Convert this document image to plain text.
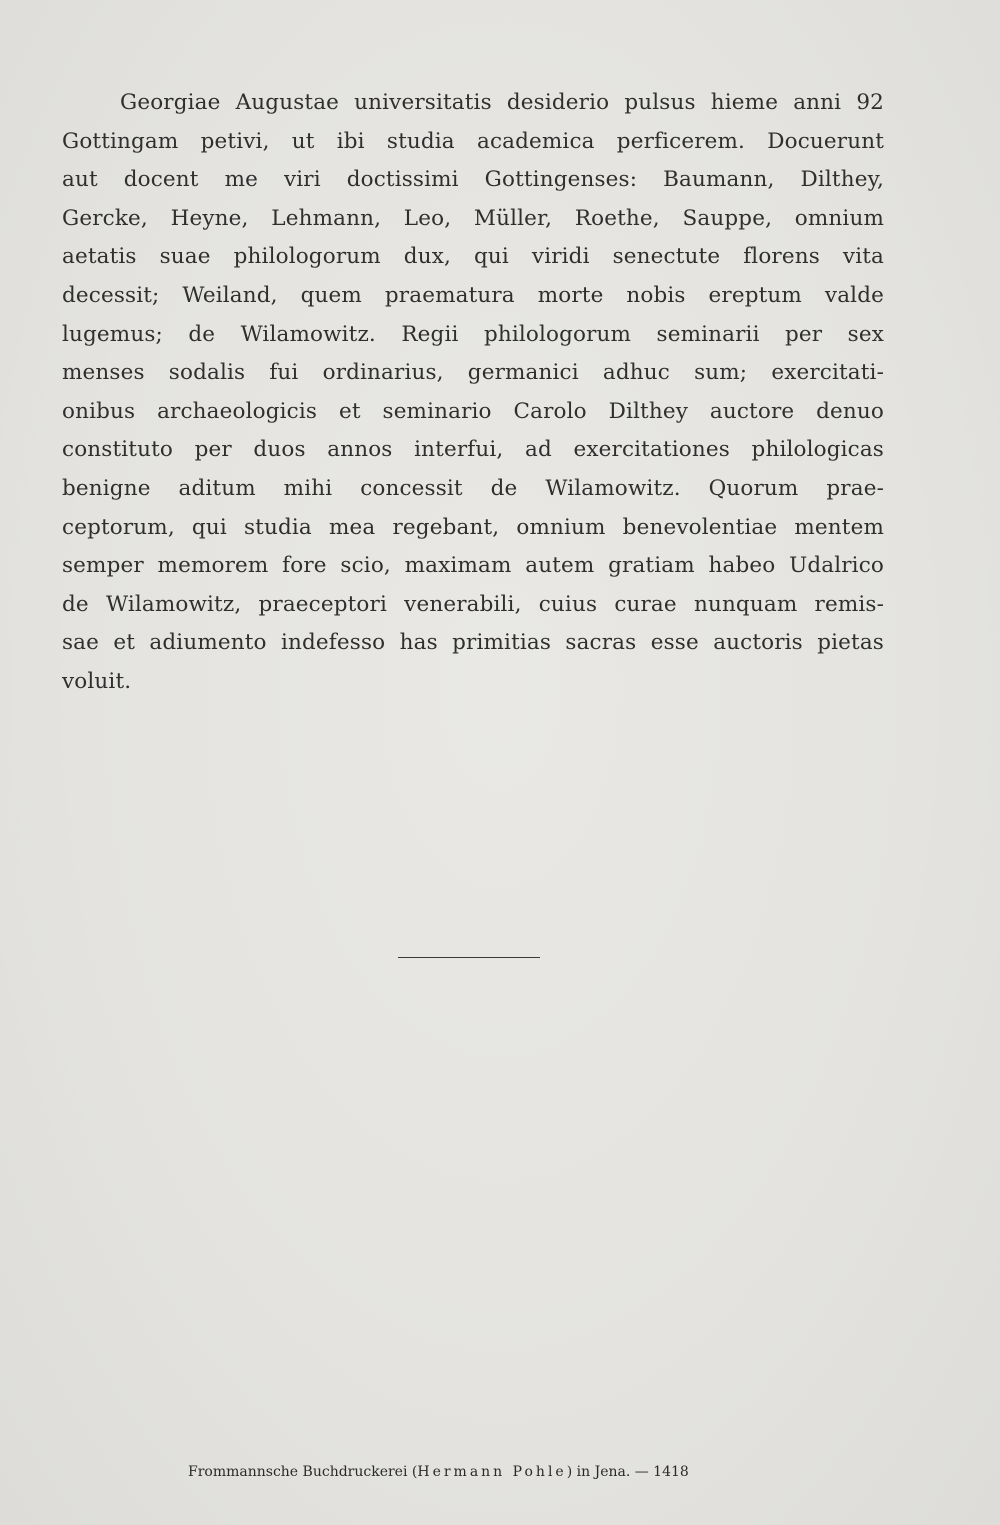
Georgiae Augustae universitatis desiderio pulsus hieme anni 92
Gottingam petivi, ut ibi studia academica perficerem. Docuerunt
aut docent me viri doctissimi Gottingenses: Baumann, Dilthey,
Gercke, Heyne, Lehmann, Leo, Müller, Roethe, Sauppe, omnium
aetatis suae philologorum dux, qui viridi senectute florens vita
decessit; Weiland, quem praematura morte nobis ereptum valde
lugemus; de Wilamowitz. Regii philologorum seminarii per sex
menses sodalis fui ordinarius, germanici adhuc sum; exercitati-
onibus archaeologicis et seminario Carolo Dilthey auctore denuo
constituto per duos annos interfui, ad exercitationes philologicas
benigne aditum mihi concessit de Wilamowitz. Quorum prae-
ceptorum, qui studia mea regebant, omnium benevolentiae mentem
semper memorem fore scio, maximam autem gratiam habeo Udalrico
de Wilamowitz, praeceptori venerabili, cuius curae nunquam remis-
sae et adiumento indefesso has primitias sacras esse auctoris pietas
voluit.

Frommannsche Buchdruckerei (Hermann Pohle) in Jena. — 1418
